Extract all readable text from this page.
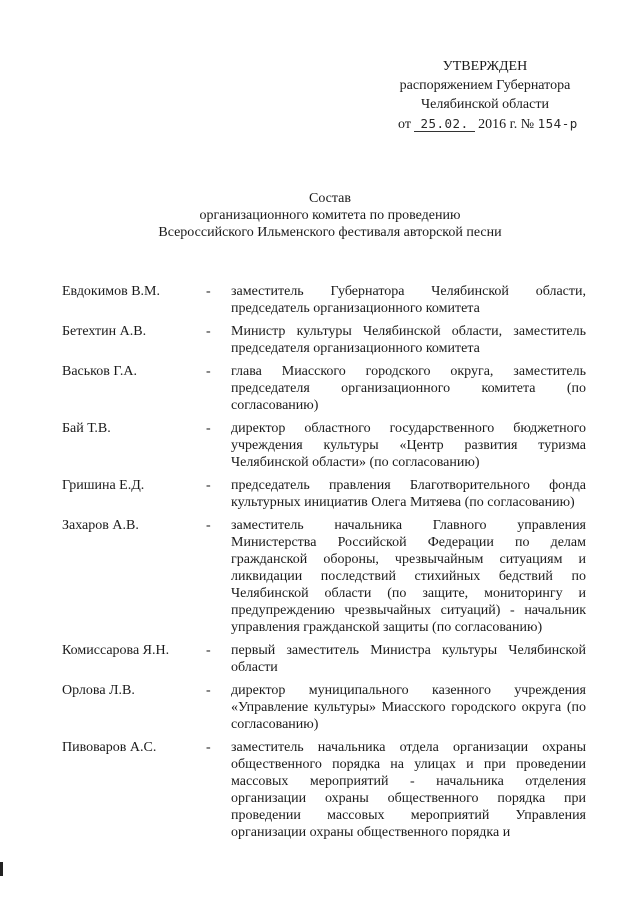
УТВЕРЖДЕН
распоряжением Губернатора
Челябинской области
от 25.02. 2016 г. № 154-р
Состав
организационного комитета по проведению
Всероссийского Ильменского фестиваля авторской песни
Евдокимов В.М.	-	заместитель Губернатора Челябинской области, председатель организационного комитета
Бетехтин А.В.	-	Министр культуры Челябинской области, заместитель председателя организационного комитета
Васьков Г.А.	-	глава Миасского городского округа, заместитель председателя организационного комитета (по согласованию)
Бай Т.В.	-	директор областного государственного бюджетного учреждения культуры «Центр развития туризма Челябинской области» (по согласованию)
Гришина Е.Д.	-	председатель правления Благотворительного фонда культурных инициатив Олега Митяева (по согласованию)
Захаров А.В.	-	заместитель начальника Главного управления Министерства Российской Федерации по делам гражданской обороны, чрезвычайным ситуациям и ликвидации последствий стихийных бедствий по Челябинской области (по защите, мониторингу и предупреждению чрезвычайных ситуаций) - начальник управления гражданской защиты (по согласованию)
Комиссарова Я.Н.	-	первый заместитель Министра культуры Челябинской области
Орлова Л.В.	-	директор муниципального казенного учреждения «Управление культуры» Миасского городского округа (по согласованию)
Пивоваров А.С.	-	заместитель начальника отдела организации охраны общественного порядка на улицах и при проведении массовых мероприятий - начальника отделения организации охраны общественного порядка при проведении массовых мероприятий Управления организации охраны общественного порядка и
